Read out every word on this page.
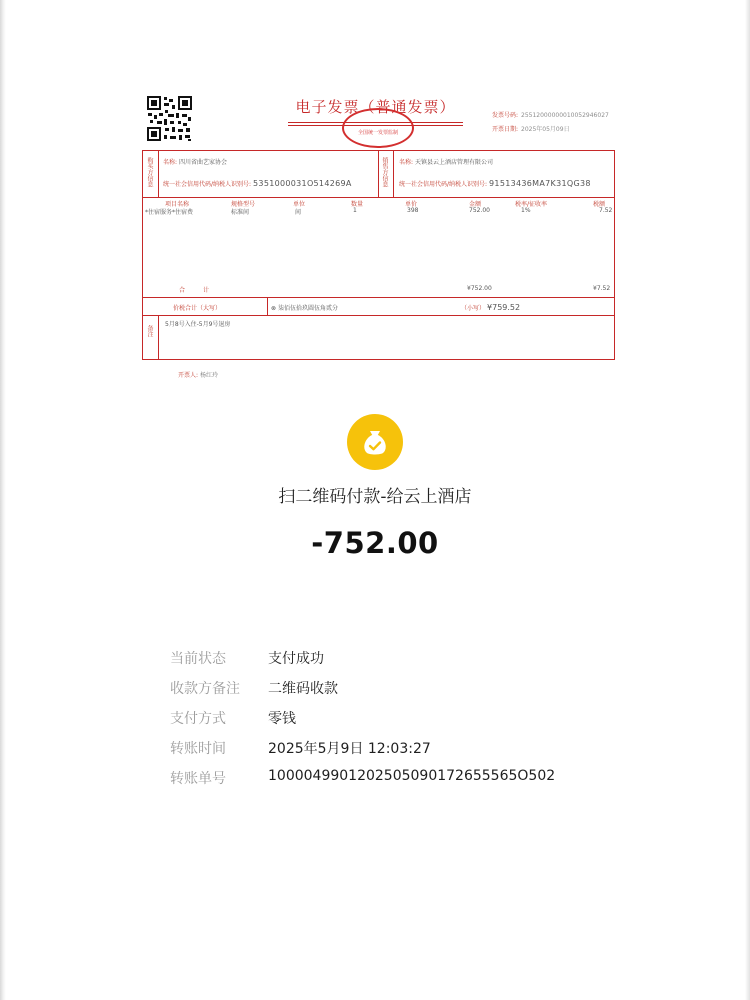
电子发票（普通发票）
全国统一发票监制
发票号码: 25512000000010052946027
开票日期: 2025年05月09日
购买方信息 名称: 四川省曲艺家协会
统一社会信用代码/纳税人识别号: 5351000031O514269A	销售方信息 名称: 天镇县云上酒店管理有限公司
统一社会信用代码/纳税人识别号: 91513436MA7K31QG38
项目名称	规格型号	单位	数量	单价	金额	税率/征收率	税额
*住宿服务*住宿费	标准间	间	1	398	752.00	1%	7.52
合计	¥752.00	¥7.52
价税合计（大写）	⊗ 柒佰伍拾玖圆伍角贰分	（小写） ¥759.52
备注
5月8号入住-5月9号退房
开票人: 杨红玲
扫二维码付款-给云上酒店
-752.00
当前状态	支付成功
收款方备注	二维码收款
支付方式	零钱
转账时间	2025年5月9日 12:03:27
转账单号	1000049901202505090172655565O502
